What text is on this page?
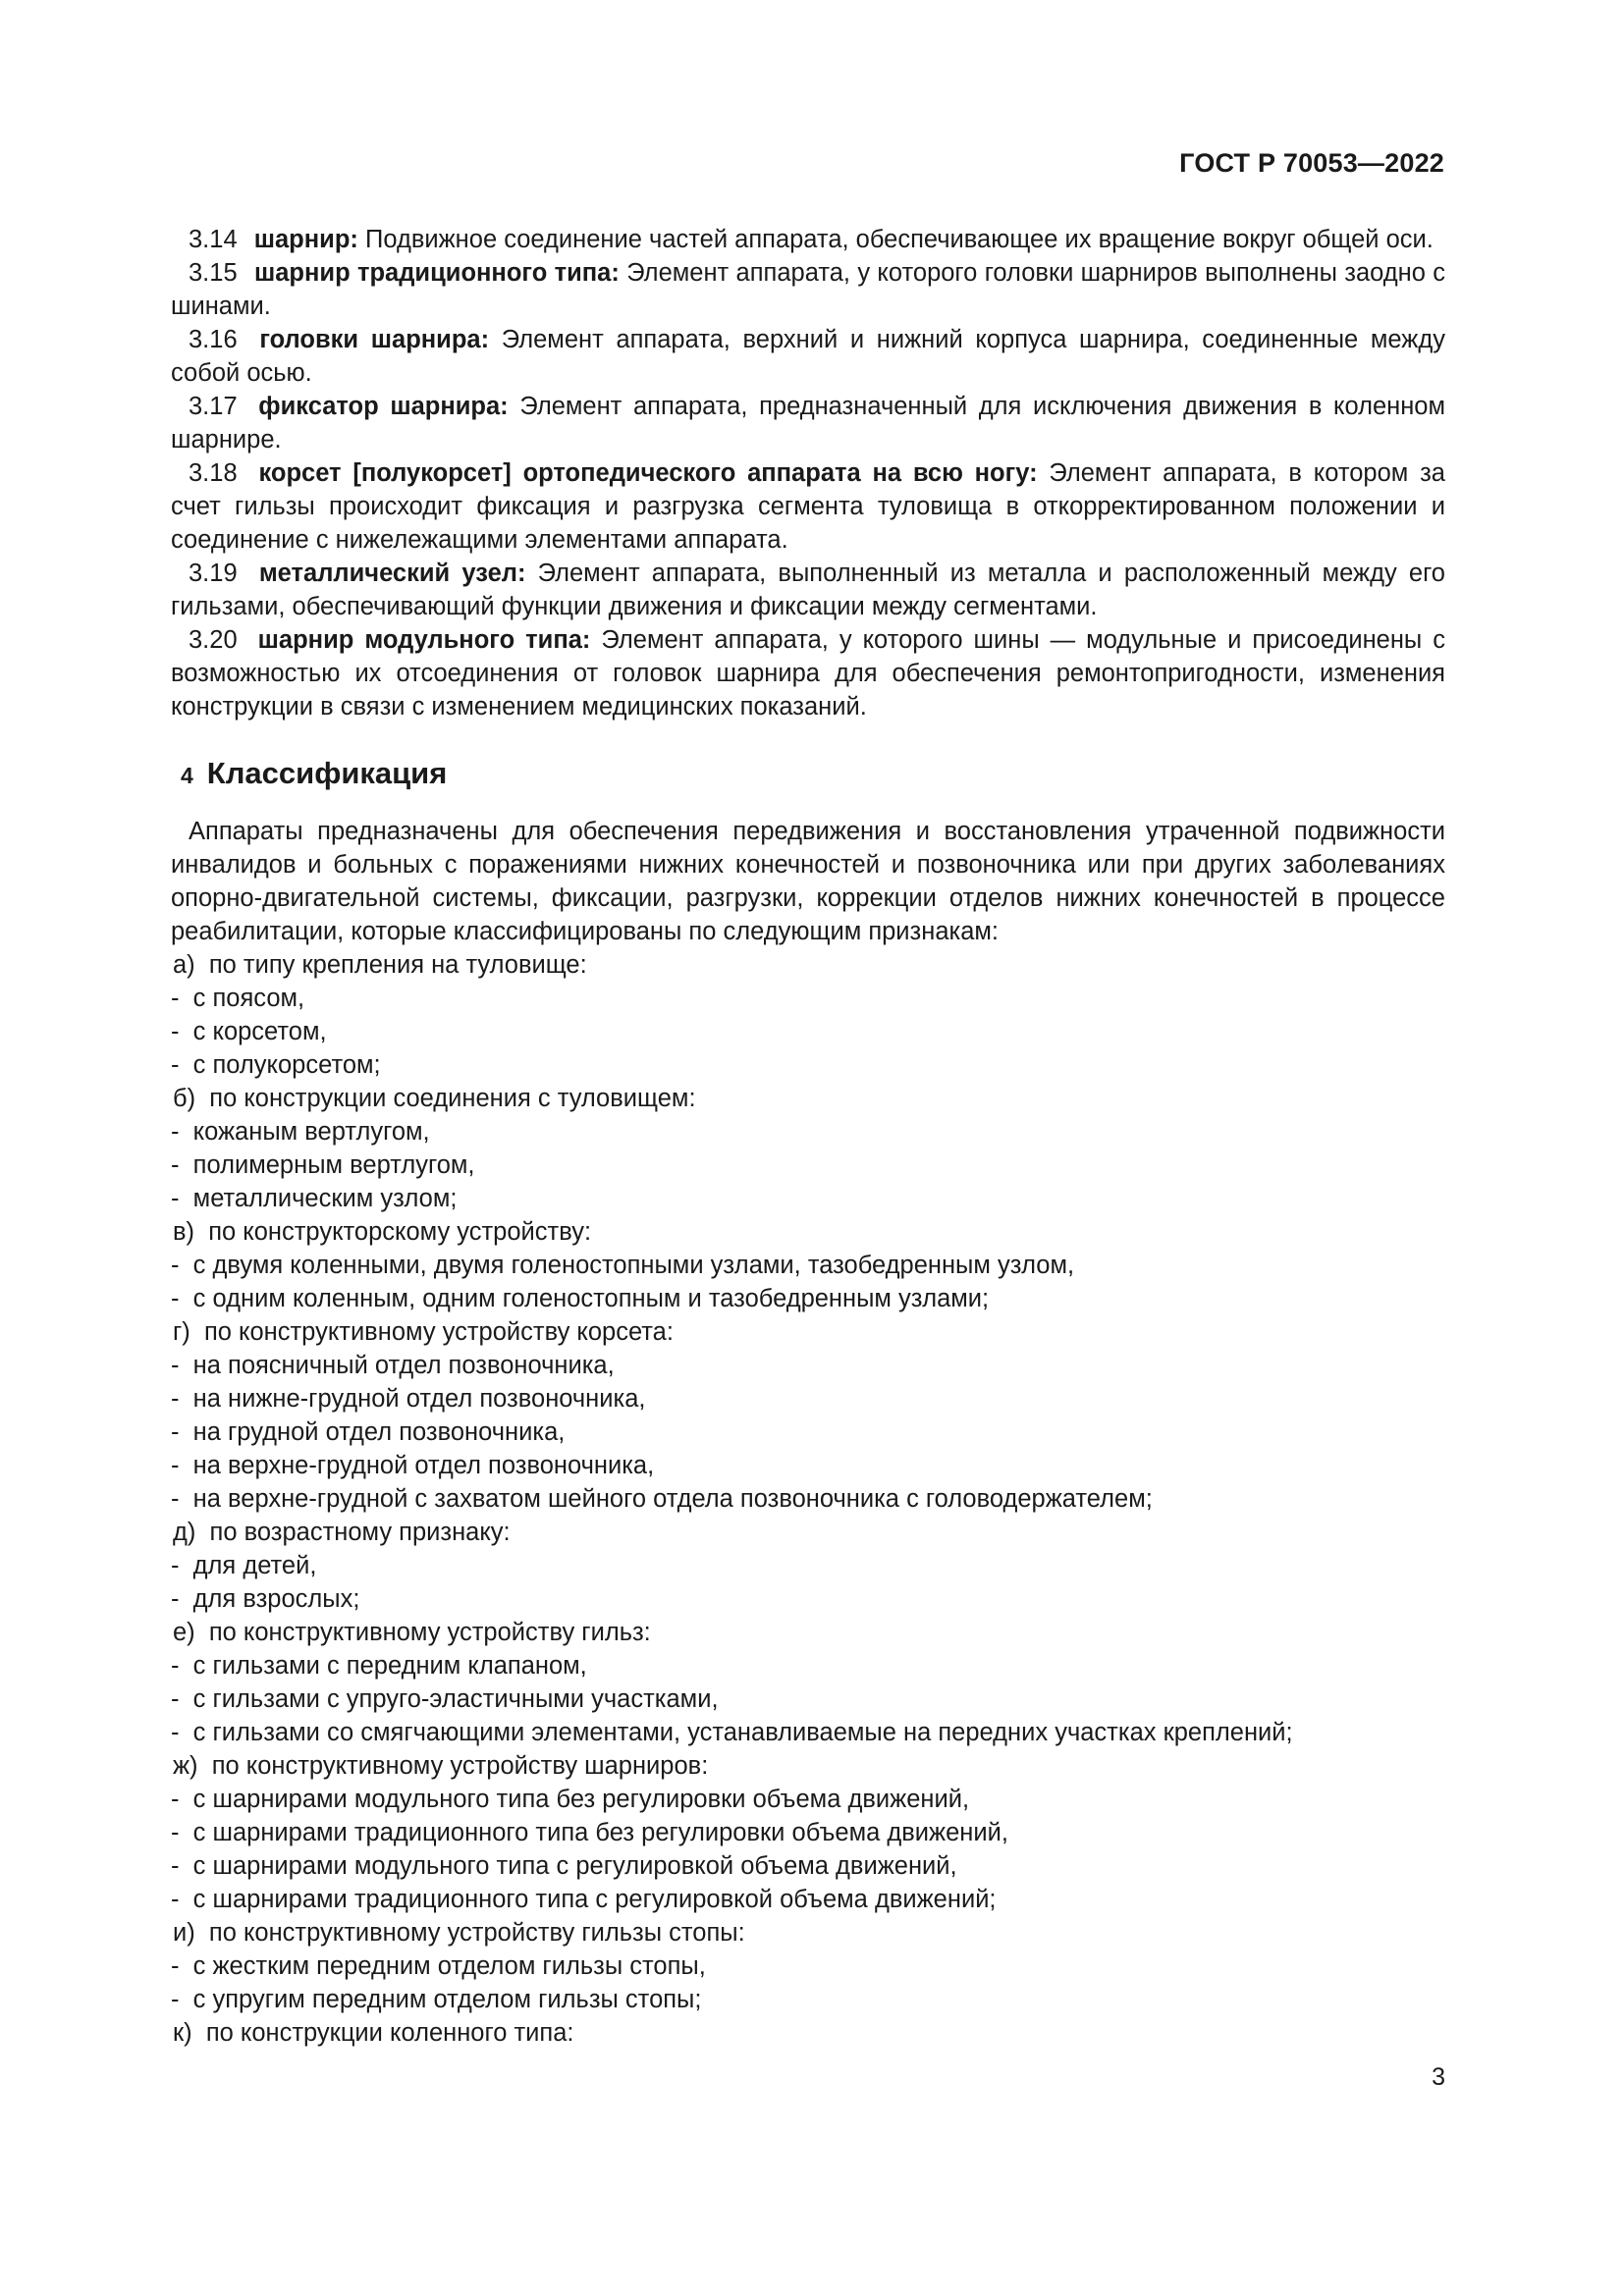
ГОСТ Р 70053—2022

3.14 шарнир: Подвижное соединение частей аппарата, обеспечивающее их вращение вокруг общей оси.

3.15 шарнир традиционного типа: Элемент аппарата, у которого головки шарниров выполнены заодно с шинами.

3.16 головки шарнира: Элемент аппарата, верхний и нижний корпуса шарнира, соединенные между собой осью.

3.17 фиксатор шарнира: Элемент аппарата, предназначенный для исключения движения в коленном шарнире.

3.18 корсет [полукорсет] ортопедического аппарата на всю ногу: Элемент аппарата, в котором за счет гильзы происходит фиксация и разгрузка сегмента туловища в откорректированном положении и соединение с нижележащими элементами аппарата.

3.19 металлический узел: Элемент аппарата, выполненный из металла и расположенный между его гильзами, обеспечивающий функции движения и фиксации между сегментами.

3.20 шарнир модульного типа: Элемент аппарата, у которого шины — модульные и присоединены с возможностью их отсоединения от головок шарнира для обеспечения ремонтопригодности, изменения конструкции в связи с изменением медицинских показаний.

4 Классификация

Аппараты предназначены для обеспечения передвижения и восстановления утраченной подвижности инвалидов и больных с поражениями нижних конечностей и позвоночника или при других заболеваниях опорно-двигательной системы, фиксации, разгрузки, коррекции отделов нижних конечностей в процессе реабилитации, которые классифицированы по следующим признакам:

а)  по типу крепления на туловище:
-  с поясом,
-  с корсетом,
-  с полукорсетом;
б)  по конструкции соединения с туловищем:
-  кожаным вертлугом,
-  полимерным вертлугом,
-  металлическим узлом;
в)  по конструкторскому устройству:
-  с двумя коленными, двумя голеностопными узлами, тазобедренным узлом,
-  с одним коленным, одним голеностопным и тазобедренным узлами;
г)  по конструктивному устройству корсета:
-  на поясничный отдел позвоночника,
-  на нижне-грудной отдел позвоночника,
-  на грудной отдел позвоночника,
-  на верхне-грудной отдел позвоночника,
-  на верхне-грудной с захватом шейного отдела позвоночника с головодержателем;
д)  по возрастному признаку:
-  для детей,
-  для взрослых;
е)  по конструктивному устройству гильз:
-  с гильзами с передним клапаном,
-  с гильзами с упруго-эластичными участками,
-  с гильзами со смягчающими элементами, устанавливаемые на передних участках креплений;
ж)  по конструктивному устройству шарниров:
-  с шарнирами модульного типа без регулировки объема движений,
-  с шарнирами традиционного типа без регулировки объема движений,
-  с шарнирами модульного типа с регулировкой объема движений,
-  с шарнирами традиционного типа с регулировкой объема движений;
и)  по конструктивному устройству гильзы стопы:
-  с жестким передним отделом гильзы стопы,
-  с упругим передним отделом гильзы стопы;
к)  по конструкции коленного типа:
3
